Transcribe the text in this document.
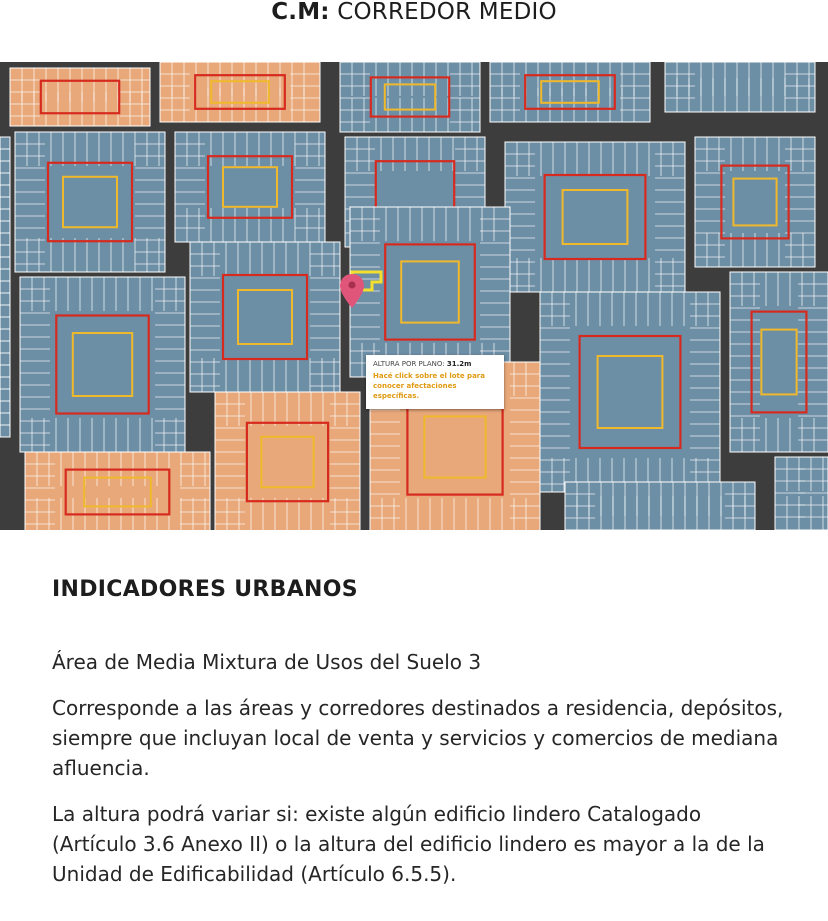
C.M: CORREDOR MEDIO
ALTURA POR PLANO: 31.2m
Hacé click sobre el lote para
conocer afectaciones específicas.
INDICADORES URBANOS

Área de Media Mixtura de Usos del Suelo 3

Corresponde a las áreas y corredores destinados a residencia, depósitos, siempre que incluyan local de venta y servicios y comercios de mediana afluencia.

La altura podrá variar si: existe algún edificio lindero Catalogado (Artículo 3.6 Anexo II) o la altura del edificio lindero es mayor a la de la Unidad de Edificabilidad (Artículo 6.5.5).
